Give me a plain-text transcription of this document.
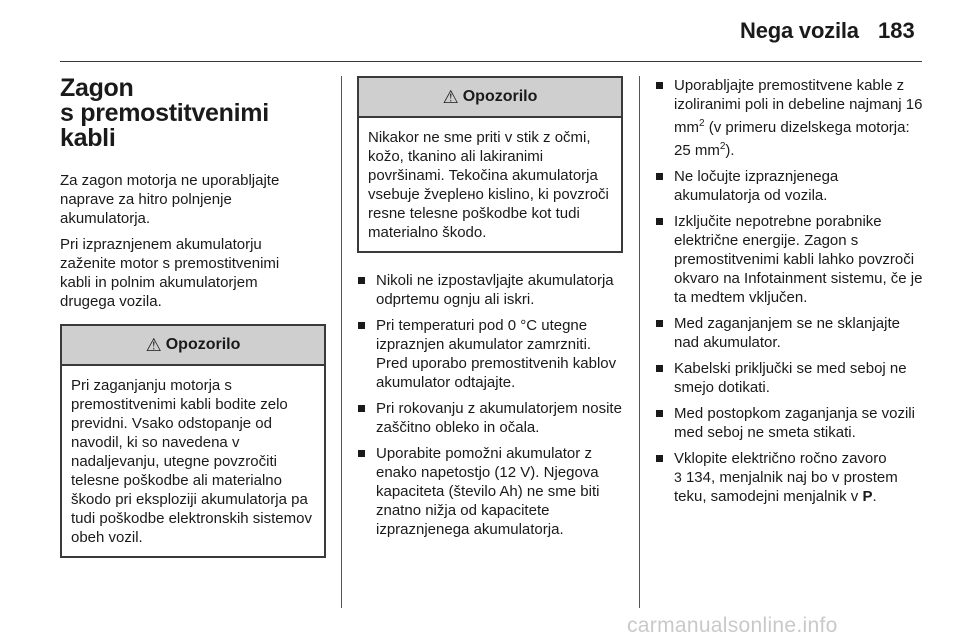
Nega vozila 183
Zagon
s premostitvenimi kabli

Za zagon motorja ne uporabljajte naprave za hitro polnjenje akumulatorja.

Pri izpraznjenem akumulatorju zaženite motor s premostitvenimi kabli in polnim akumulatorjem drugega vozila.

⚠ Opozorilo
Pri zaganjanju motorja s premostitvenimi kabli bodite zelo previdni. Vsako odstopanje od navodil, ki so navedena v nadaljevanju, utegne povzročiti telesne poškodbe ali materialno škodo pri eksploziji akumulatorja pa tudi poškodbe elektronskih sistemov obeh vozil.
⚠ Opozorilo
Nikakor ne sme priti v stik z očmi, kožo, tkanino ali lakiranimi površinami. Tekočina akumulatorja vsebuje žveplено kislino, ki povzroči resne telesne poškodbe kot tudi materialno škodo.
Nikoli ne izpostavljajte akumulatorja odprtemu ognju ali iskri.
Pri temperaturi pod 0 °C utegne izpraznjen akumulator zamrzniti. Pred uporabo premostitvenih kablov akumulator odtajajte.
Pri rokovanju z akumulatorjem nosite zaščitno obleko in očala.
Uporabite pomožni akumulator z enako napetostjo (12 V). Njegova kapaciteta (število Ah) ne sme biti znatno nižja od kapacitete izpraznjenega akumulatorja.
Uporabljajte premostitvene kable z izoliranimi poli in debeline najmanj 16 $mm^2$ (v primeru dizelskega motorja: 25 $mm^2$).
Ne ločujte izpraznjenega akumulatorja od vozila.
Izključite nepotrebne porabnike električne energije. Zagon s premostitvenimi kabli lahko povzroči okvaro na Infotainment sistemu, če je ta medtem vključen.
Med zaganjanjem se ne sklanjajte nad akumulator.
Kabelski priključki se med seboj ne smejo dotikati.
Med postopkom zaganjanja se vozili med seboj ne smeta stikati.
Vklopite električno ročno zavoro
3 134, menjalnik naj bo v prostem teku, samodejni menjalnik v P.
carmanualsonline.info
